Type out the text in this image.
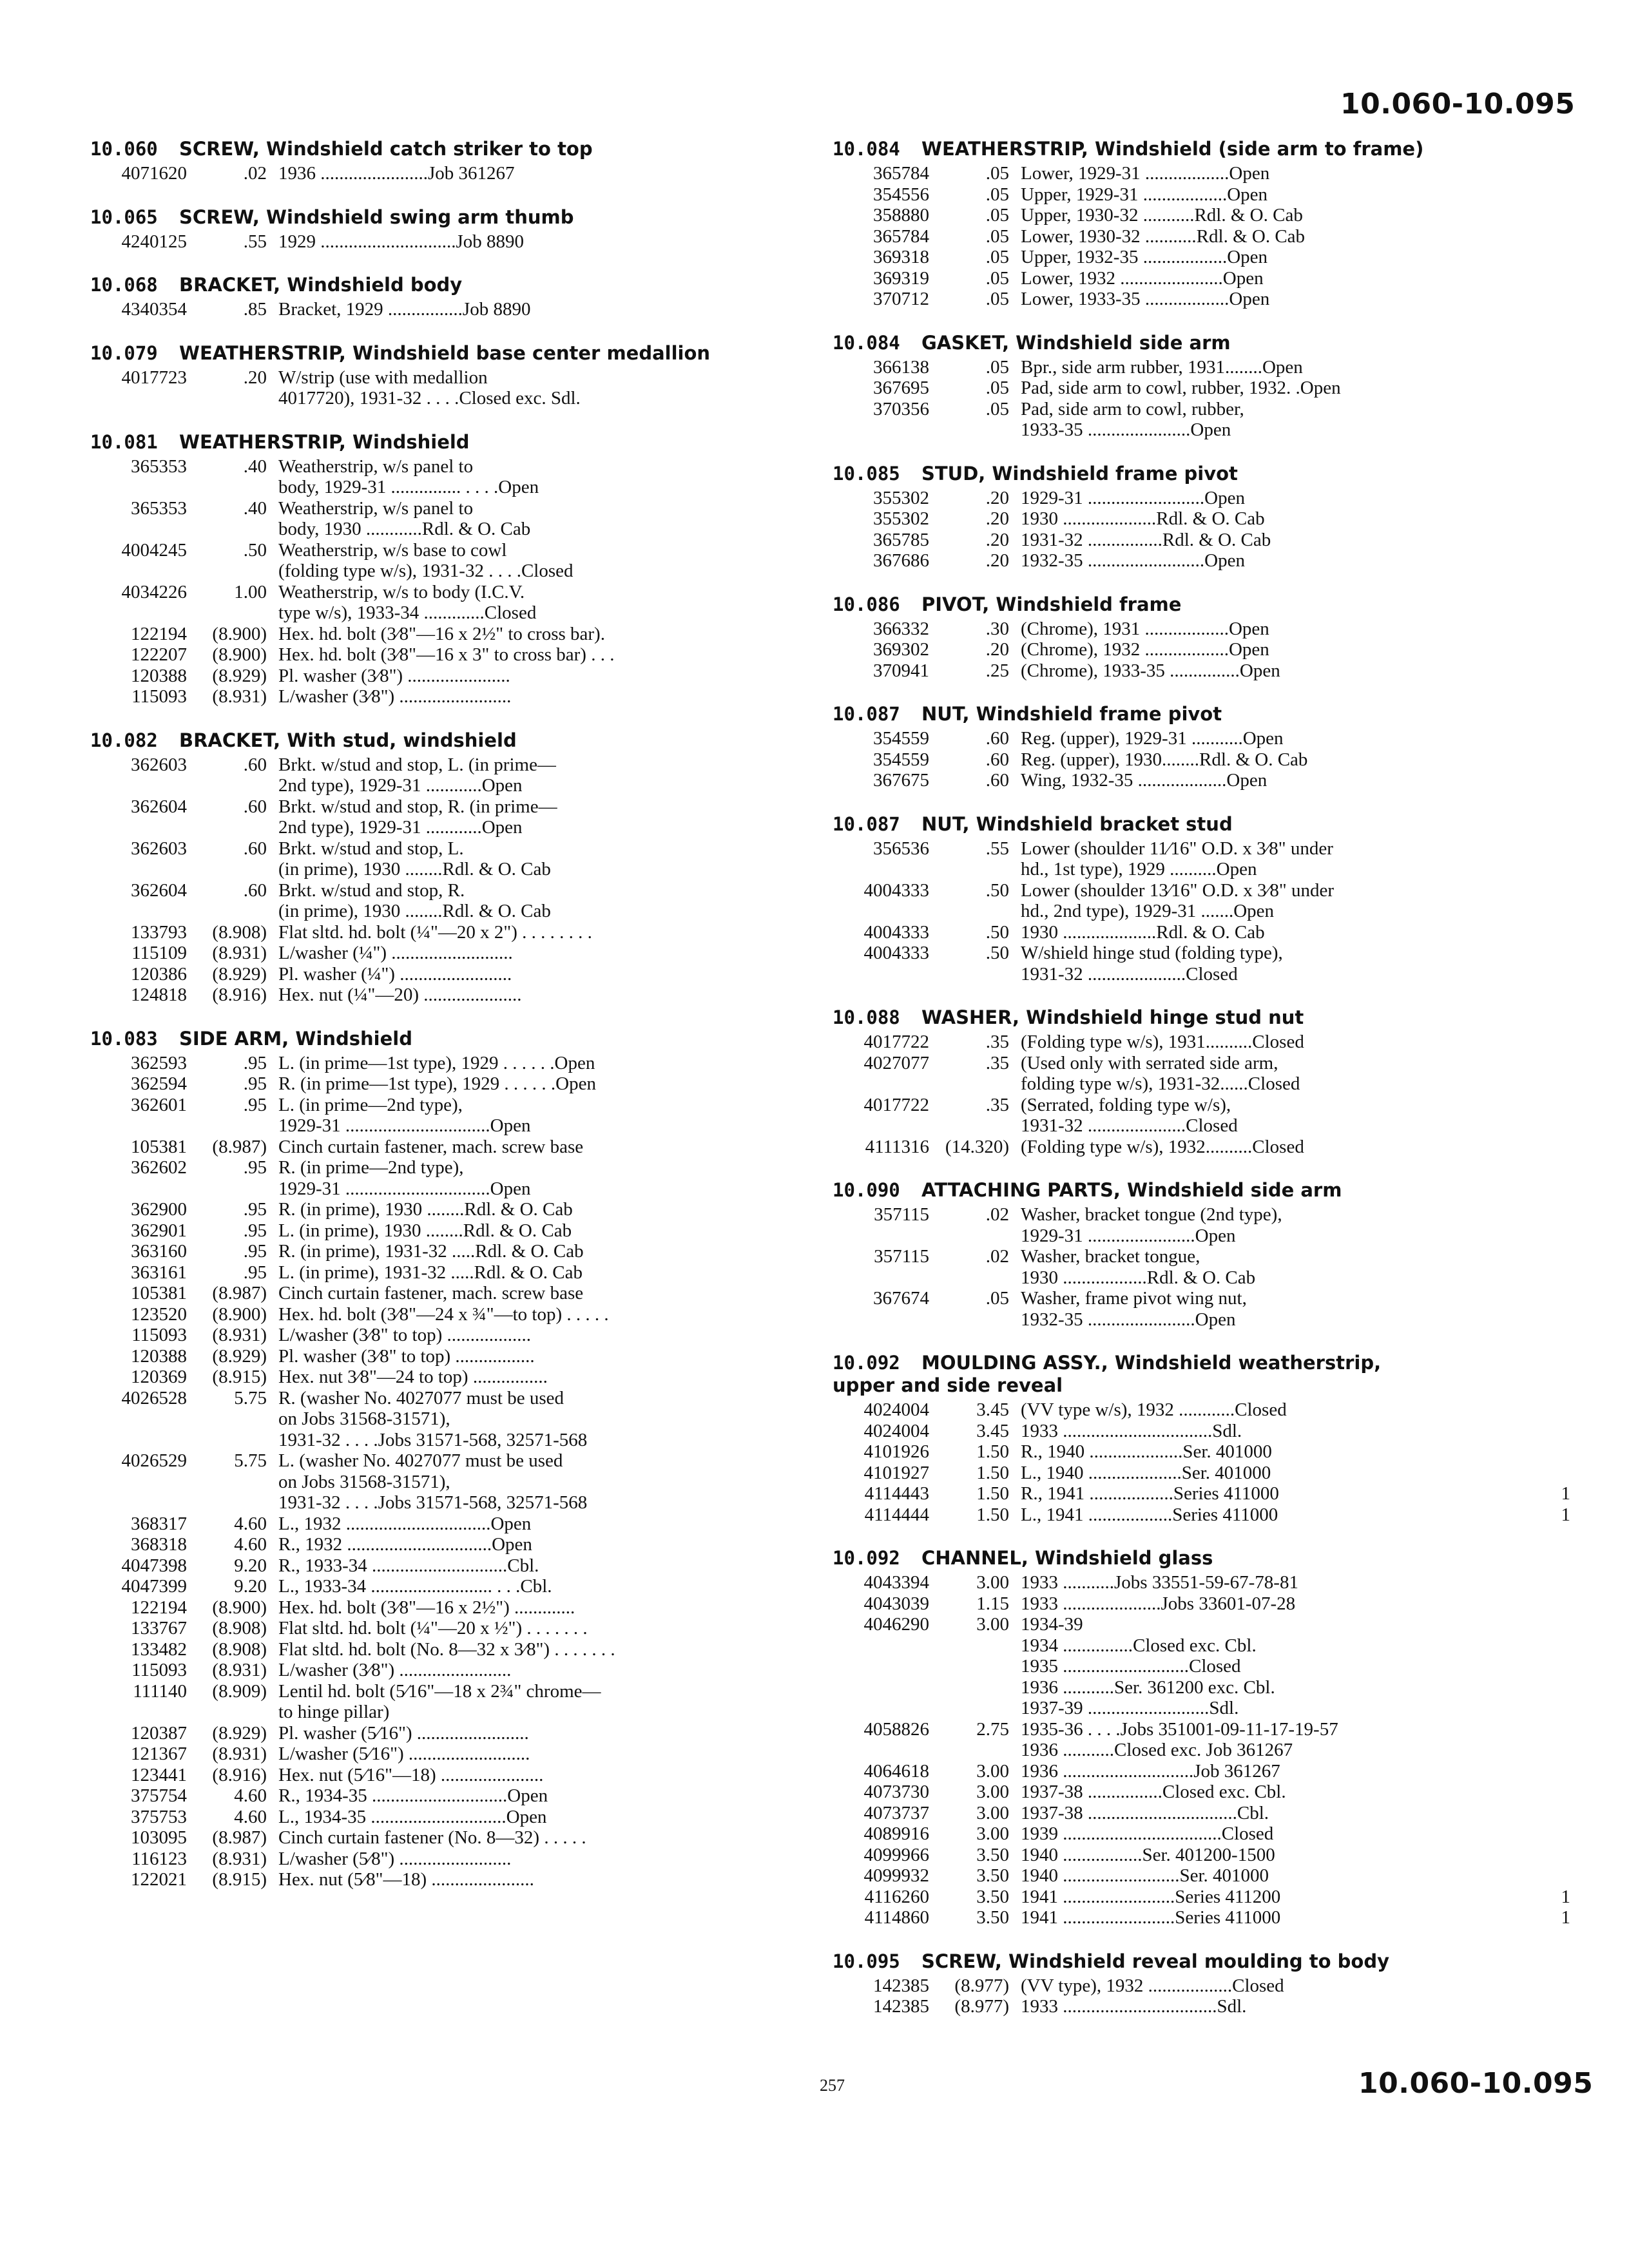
10.060-10.095
10.060 SCREW, Windshield catch striker to top
4071620	.02 1936 .......................Job 361267
10.065 SCREW, Windshield swing arm thumb
4240125	.55 1929 .............................Job 8890
10.068 BRACKET, Windshield body
4340354	.85 Bracket, 1929 ................Job 8890
10.079 WEATHERSTRIP, Windshield base center medallion
4017723	.20 W/strip (use with medallion
4017720), 1931-32 . . . .Closed exc. Sdl.
10.081 WEATHERSTRIP, Windshield
365353	.40 Weatherstrip, w/s panel to
body, 1929-31 ............... . . . .Open
365353	.40 Weatherstrip, w/s panel to
body, 1930 ............Rdl. & O. Cab
4004245	.50 Weatherstrip, w/s base to cowl
(folding type w/s), 1931-32 . . . .Closed
4034226	1.00 Weatherstrip, w/s to body (I.C.V.
type w/s), 1933-34 .............Closed
122194	(8.900) Hex. hd. bolt (3⁄8"—16 x 2½" to cross bar).
122207	(8.900) Hex. hd. bolt (3⁄8"—16 x 3" to cross bar) . . .
120388	(8.929) Pl. washer (3⁄8") ......................
115093	(8.931) L/washer (3⁄8") ........................
10.082 BRACKET, With stud, windshield
362603	.60 Brkt. w/stud and stop, L. (in prime—
2nd type), 1929-31 ............Open
362604	.60 Brkt. w/stud and stop, R. (in prime—
2nd type), 1929-31 ............Open
362603	.60 Brkt. w/stud and stop, L.
(in prime), 1930 ........Rdl. & O. Cab
362604	.60 Brkt. w/stud and stop, R.
(in prime), 1930 ........Rdl. & O. Cab
133793	(8.908) Flat sltd. hd. bolt (¼"—20 x 2") . . . . . . . .
115109	(8.931) L/washer (¼") ..........................
120386	(8.929) Pl. washer (¼") ........................
124818	(8.916) Hex. nut (¼"—20) .....................
10.083 SIDE ARM, Windshield
362593	.95 L. (in prime—1st type), 1929 . . . . . .Open
362594	.95 R. (in prime—1st type), 1929 . . . . . .Open
362601	.95 L. (in prime—2nd type),
1929-31 ...............................Open
105381	(8.987) Cinch curtain fastener, mach. screw base
362602	.95 R. (in prime—2nd type),
1929-31 ...............................Open
362900	.95 R. (in prime), 1930 ........Rdl. & O. Cab
362901	.95 L. (in prime), 1930 ........Rdl. & O. Cab
363160	.95 R. (in prime), 1931-32 .....Rdl. & O. Cab
363161	.95 L. (in prime), 1931-32 .....Rdl. & O. Cab
105381	(8.987) Cinch curtain fastener, mach. screw base
123520	(8.900) Hex. hd. bolt (3⁄8"—24 x ¾"—to top) . . . . .
115093	(8.931) L/washer (3⁄8" to top) ..................
120388	(8.929) Pl. washer (3⁄8" to top) .................
120369	(8.915) Hex. nut 3⁄8"—24 to top) ................
4026528	5.75 R. (washer No. 4027077 must be used
on Jobs 31568-31571),
1931-32 . . . .Jobs 31571-568, 32571-568
4026529	5.75 L. (washer No. 4027077 must be used
on Jobs 31568-31571),
1931-32 . . . .Jobs 31571-568, 32571-568
368317	4.60 L., 1932 ...............................Open
368318	4.60 R., 1932 ...............................Open
4047398	9.20 R., 1933-34 .............................Cbl.
4047399	9.20 L., 1933-34 .......................... . . .Cbl.
122194	(8.900) Hex. hd. bolt (3⁄8"—16 x 2½") .............
133767	(8.908) Flat sltd. hd. bolt (¼"—20 x ½") . . . . . . .
133482	(8.908) Flat sltd. hd. bolt (No. 8—32 x 3⁄8") . . . . . . .
115093	(8.931) L/washer (3⁄8") ........................
111140	(8.909) Lentil hd. bolt (5⁄16"—18 x 2¾" chrome—
to hinge pillar)
120387	(8.929) Pl. washer (5⁄16") ........................
121367	(8.931) L/washer (5⁄16") ..........................
123441	(8.916) Hex. nut (5⁄16"—18) ......................
375754	4.60 R., 1934-35 .............................Open
375753	4.60 L., 1934-35 .............................Open
103095	(8.987) Cinch curtain fastener (No. 8—32) . . . . .
116123	(8.931) L/washer (5⁄8") ........................
122021	(8.915) Hex. nut (5⁄8"—18) ......................
10.084 WEATHERSTRIP, Windshield (side arm to frame)
365784	.05 Lower, 1929-31 ..................Open
354556	.05 Upper, 1929-31 ..................Open
358880	.05 Upper, 1930-32 ...........Rdl. & O. Cab
365784	.05 Lower, 1930-32 ...........Rdl. & O. Cab
369318	.05 Upper, 1932-35 ..................Open
369319	.05 Lower, 1932 ......................Open
370712	.05 Lower, 1933-35 ..................Open
10.084 GASKET, Windshield side arm
366138	.05 Bpr., side arm rubber, 1931........Open
367695	.05 Pad, side arm to cowl, rubber, 1932. .Open
370356	.05 Pad, side arm to cowl, rubber,
1933-35 ......................Open
10.085 STUD, Windshield frame pivot
355302	.20 1929-31 .........................Open
355302	.20 1930 ....................Rdl. & O. Cab
365785	.20 1931-32 ................Rdl. & O. Cab
367686	.20 1932-35 .........................Open
10.086 PIVOT, Windshield frame
366332	.30 (Chrome), 1931 ..................Open
369302	.20 (Chrome), 1932 ..................Open
370941	.25 (Chrome), 1933-35 ...............Open
10.087 NUT, Windshield frame pivot
354559	.60 Reg. (upper), 1929-31 ...........Open
354559	.60 Reg. (upper), 1930........Rdl. & O. Cab
367675	.60 Wing, 1932-35 ...................Open
10.087 NUT, Windshield bracket stud
356536	.55 Lower (shoulder 11⁄16" O.D. x 3⁄8" under
hd., 1st type), 1929 ..........Open
4004333	.50 Lower (shoulder 13⁄16" O.D. x 3⁄8" under
hd., 2nd type), 1929-31 .......Open
4004333	.50 1930 ....................Rdl. & O. Cab
4004333	.50 W/shield hinge stud (folding type),
1931-32 .....................Closed
10.088 WASHER, Windshield hinge stud nut
4017722	.35 (Folding type w/s), 1931..........Closed
4027077	.35 (Used only with serrated side arm,
folding type w/s), 1931-32......Closed
4017722	.35 (Serrated, folding type w/s),
1931-32 .....................Closed
4111316 (14.320) (Folding type w/s), 1932..........Closed
10.090 ATTACHING PARTS, Windshield side arm
357115	.02 Washer, bracket tongue (2nd type),
1929-31 .......................Open
357115	.02 Washer, bracket tongue,
1930 ..................Rdl. & O. Cab
367674	.05 Washer, frame pivot wing nut,
1932-35 .......................Open
10.092 MOULDING ASSY., Windshield weatherstrip,
upper and side reveal
4024004	3.45 (VV type w/s), 1932 ............Closed
4024004	3.45 1933 ................................Sdl.
4101926	1.50 R., 1940 ....................Ser. 401000
4101927	1.50 L., 1940 ....................Ser. 401000
4114443	1.50 R., 1941 ..................Series 411000	1
4114444	1.50 L., 1941 ..................Series 411000	1
10.092 CHANNEL, Windshield glass
4043394	3.00 1933 ...........Jobs 33551-59-67-78-81
4043039	1.15 1933 .....................Jobs 33601-07-28
4046290	3.00 1934-39
1934 ...............Closed exc. Cbl.
1935 ...........................Closed
1936 ...........Ser. 361200 exc. Cbl.
1937-39 ..........................Sdl.
4058826	2.75 1935-36 . . . .Jobs 351001-09-11-17-19-57
1936 ...........Closed exc. Job 361267
4064618	3.00 1936 ............................Job 361267
4073730	3.00 1937-38 ................Closed exc. Cbl.
4073737	3.00 1937-38 ................................Cbl.
4089916	3.00 1939 ..................................Closed
4099966	3.50 1940 .................Ser. 401200-1500
4099932	3.50 1940 .........................Ser. 401000
4116260	3.50 1941 ........................Series 411200	1
4114860	3.50 1941 ........................Series 411000	1
10.095 SCREW, Windshield reveal moulding to body
142385	(8.977) (VV type), 1932 ..................Closed
142385	(8.977) 1933 .................................Sdl.
257	10.060-10.095
